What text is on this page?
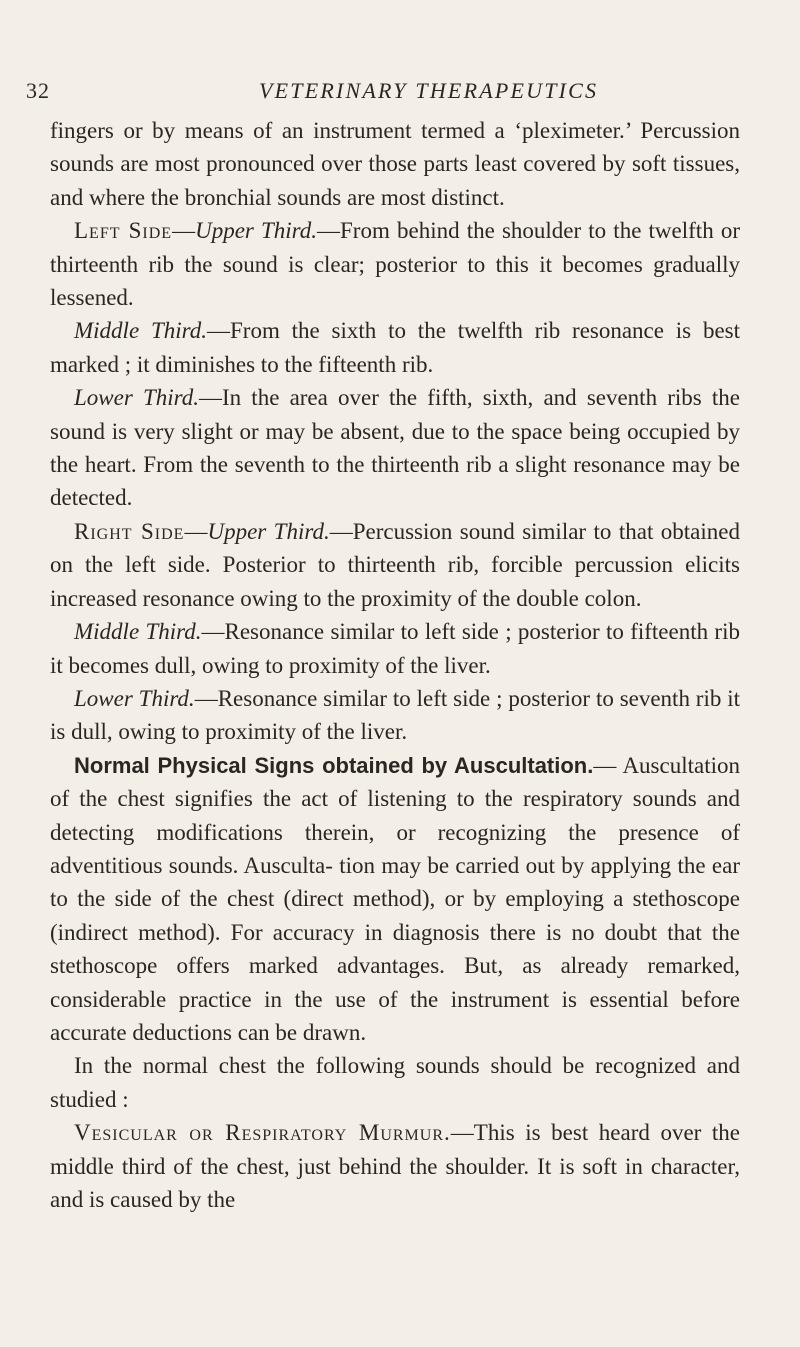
32	VETERINARY THERAPEUTICS

fingers or by means of an instrument termed a ‘pleximeter.’ Percussion sounds are most pronounced over those parts least covered by soft tissues, and where the bronchial sounds are most distinct.

Left Side—Upper Third.—From behind the shoulder to the twelfth or thirteenth rib the sound is clear; posterior to this it becomes gradually lessened.

Middle Third.—From the sixth to the twelfth rib resonance is best marked ; it diminishes to the fifteenth rib.

Lower Third.—In the area over the fifth, sixth, and seventh ribs the sound is very slight or may be absent, due to the space being occupied by the heart. From the seventh to the thirteenth rib a slight resonance may be detected.

Right Side—Upper Third.—Percussion sound similar to that obtained on the left side. Posterior to thirteenth rib, forcible percussion elicits increased resonance owing to the proximity of the double colon.

Middle Third.—Resonance similar to left side ; posterior to fifteenth rib it becomes dull, owing to proximity of the liver.

Lower Third.—Resonance similar to left side ; posterior to seventh rib it is dull, owing to proximity of the liver.

Normal Physical Signs obtained by Auscultation.— Auscultation of the chest signifies the act of listening to the respiratory sounds and detecting modifications therein, or recognizing the presence of adventitious sounds. Ausculta- tion may be carried out by applying the ear to the side of the chest (direct method), or by employing a stethoscope (indirect method). For accuracy in diagnosis there is no doubt that the stethoscope offers marked advantages. But, as already remarked, considerable practice in the use of the instrument is essential before accurate deductions can be drawn.

In the normal chest the following sounds should be recognized and studied :

Vesicular or Respiratory Murmur.—This is best heard over the middle third of the chest, just behind the shoulder. It is soft in character, and is caused by the
